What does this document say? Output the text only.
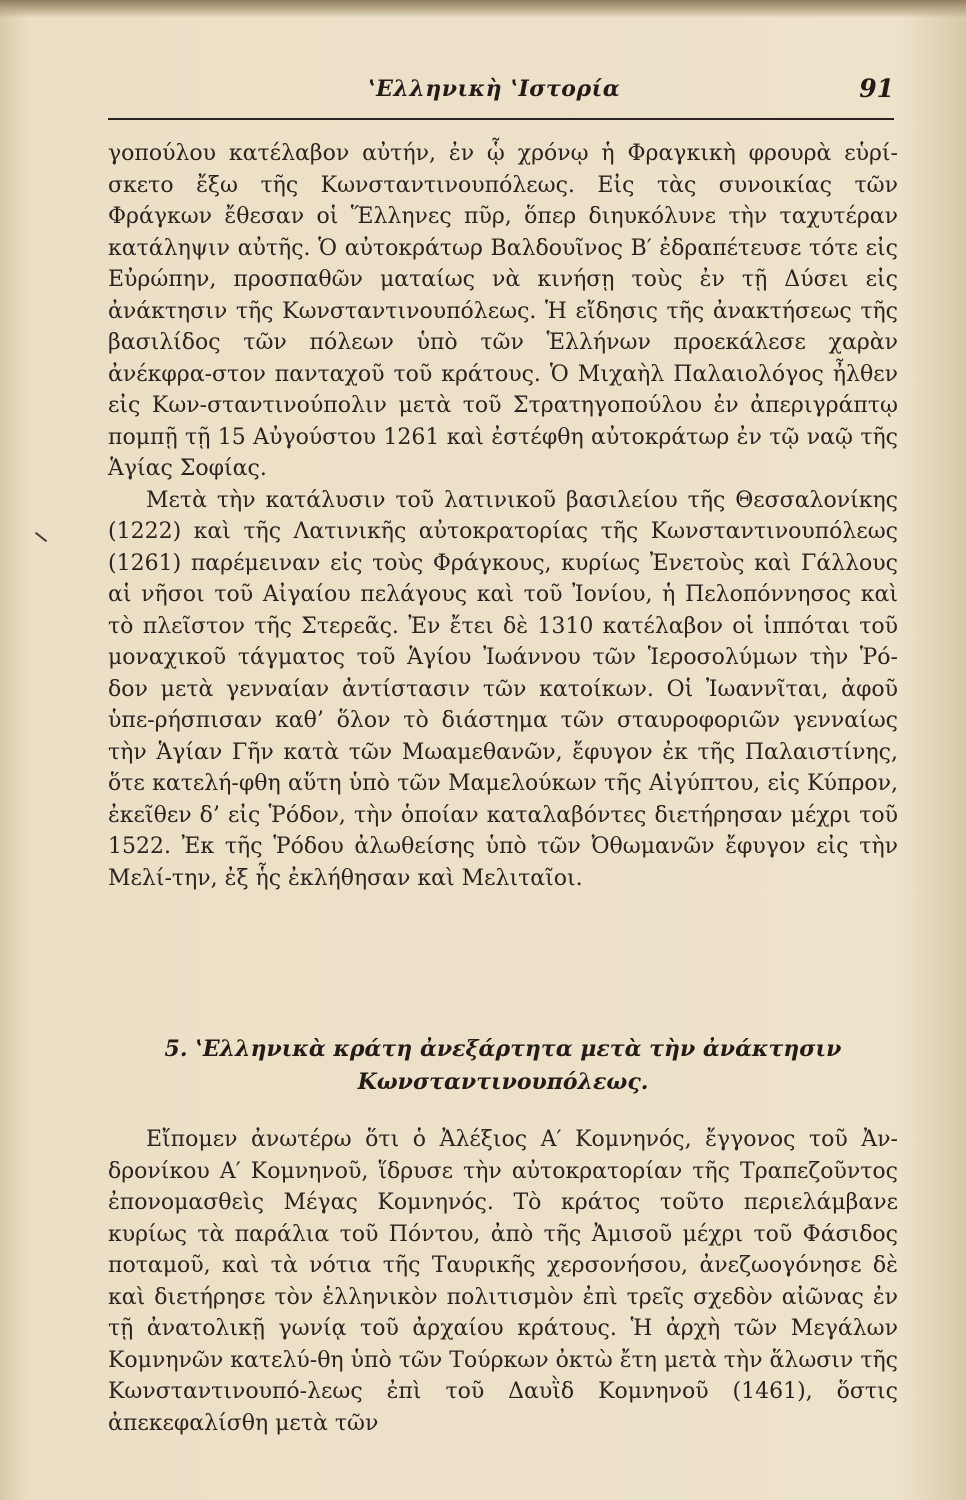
ʽΕλληνικὴ ʽΙστορία	91

γοπούλου κατέλαβον αὐτήν, ἐν ᾧ χρόνῳ ἡ Φραγκικὴ φρουρὰ εὑρί-σκετο ἔξω τῆς Κωνσταντινουπόλεως. Εἰς τὰς συνοικίας τῶν Φράγκων ἔθεσαν οἱ Ἕλληνες πῦρ, ὅπερ διηυκόλυνε τὴν ταχυτέραν κατάληψιν αὐτῆς. Ὁ αὐτοκράτωρ Βαλδουῖνος Β′ ἐδραπέτευσε τότε εἰς Εὐρώπην, προσπαθῶν ματαίως νὰ κινήσῃ τοὺς ἐν τῇ Δύσει εἰς ἀνάκτησιν τῆς Κωνσταντινουπόλεως. Ἡ εἴδησις τῆς ἀνακτήσεως τῆς βασιλίδος τῶν πόλεων ὑπὸ τῶν Ἑλλήνων προεκάλεσε χαρὰν ἀνέκφρα-στον πανταχοῦ τοῦ κράτους. Ὁ Μιχαὴλ Παλαιολόγος ἦλθεν εἰς Κων-σταντινούπολιν μετὰ τοῦ Στρατηγοπούλου ἐν ἀπεριγράπτῳ πομπῇ τῇ 15 Αὐγούστου 1261 καὶ ἐστέφθη αὐτοκράτωρ ἐν τῷ ναῷ τῆς Ἁγίας Σοφίας.

Μετὰ τὴν κατάλυσιν τοῦ λατινικοῦ βασιλείου τῆς Θεσσαλονίκης (1222) καὶ τῆς Λατινικῆς αὐτοκρατορίας τῆς Κωνσταντινουπόλεως (1261) παρέμειναν εἰς τοὺς Φράγκους, κυρίως Ἐνετοὺς καὶ Γάλλους αἱ νῆσοι τοῦ Αἰγαίου πελάγους καὶ τοῦ Ἰονίου, ἡ Πελοπόννησος καὶ τὸ πλεῖστον τῆς Στερεᾶς. Ἐν ἔτει δὲ 1310 κατέλαβον οἱ ἱππόται τοῦ μοναχικοῦ τάγματος τοῦ Ἁγίου Ἰωάννου τῶν Ἱεροσολύμων τὴν Ῥό-δον μετὰ γενναίαν ἀντίστασιν τῶν κατοίκων. Οἱ Ἰωαννῖται, ἀφοῦ ὑπε-ρήσπισαν καθ’ ὅλον τὸ διάστημα τῶν σταυροφοριῶν γενναίως τὴν Ἁγίαν Γῆν κατὰ τῶν Μωαμεθανῶν, ἔφυγον ἐκ τῆς Παλαιστίνης, ὅτε κατελή-φθη αὕτη ὑπὸ τῶν Μαμελούκων τῆς Αἰγύπτου, εἰς Κύπρον, ἐκεῖθεν δ’ εἰς Ῥόδον, τὴν ὁποίαν καταλαβόντες διετήρησαν μέχρι τοῦ 1522. Ἐκ τῆς Ῥόδου ἀλωθείσης ὑπὸ τῶν Ὀθωμανῶν ἔφυγον εἰς τὴν Μελί-την, ἐξ ἧς ἐκλήθησαν καὶ Μελιταῖοι.

5. ʽΕλληνικὰ κράτη ἀνεξάρτητα μετὰ τὴν ἀνάκτησιν
Κωνσταντινουπόλεως.

Εἴπομεν ἀνωτέρω ὅτι ὁ Ἀλέξιος Α′ Κομνηνός, ἔγγονος τοῦ Ἀν-δρονίκου Α′ Κομνηνοῦ, ἵδρυσε τὴν αὐτοκρατορίαν τῆς Τραπεζοῦντος ἐπονομασθεὶς Μέγας Κομνηνός. Τὸ κράτος τοῦτο περιελάμβανε κυρίως τὰ παράλια τοῦ Πόντου, ἀπὸ τῆς Ἀμισοῦ μέχρι τοῦ Φάσιδος ποταμοῦ, καὶ τὰ νότια τῆς Ταυρικῆς χερσονήσου, ἀνεζωογόνησε δὲ καὶ διετήρησε τὸν ἑλληνικὸν πολιτισμὸν ἐπὶ τρεῖς σχεδὸν αἰῶνας ἐν τῇ ἀνατολικῇ γωνίᾳ τοῦ ἀρχαίου κράτους. Ἡ ἀρχὴ τῶν Μεγάλων Κομνηνῶν κατελύ-θη ὑπὸ τῶν Τούρκων ὀκτὼ ἔτη μετὰ τὴν ἅλωσιν τῆς Κωνσταντινουπό-λεως ἐπὶ τοῦ Δαυῒδ Κομνηνοῦ (1461), ὅστις ἀπεκεφαλίσθη μετὰ τῶν
